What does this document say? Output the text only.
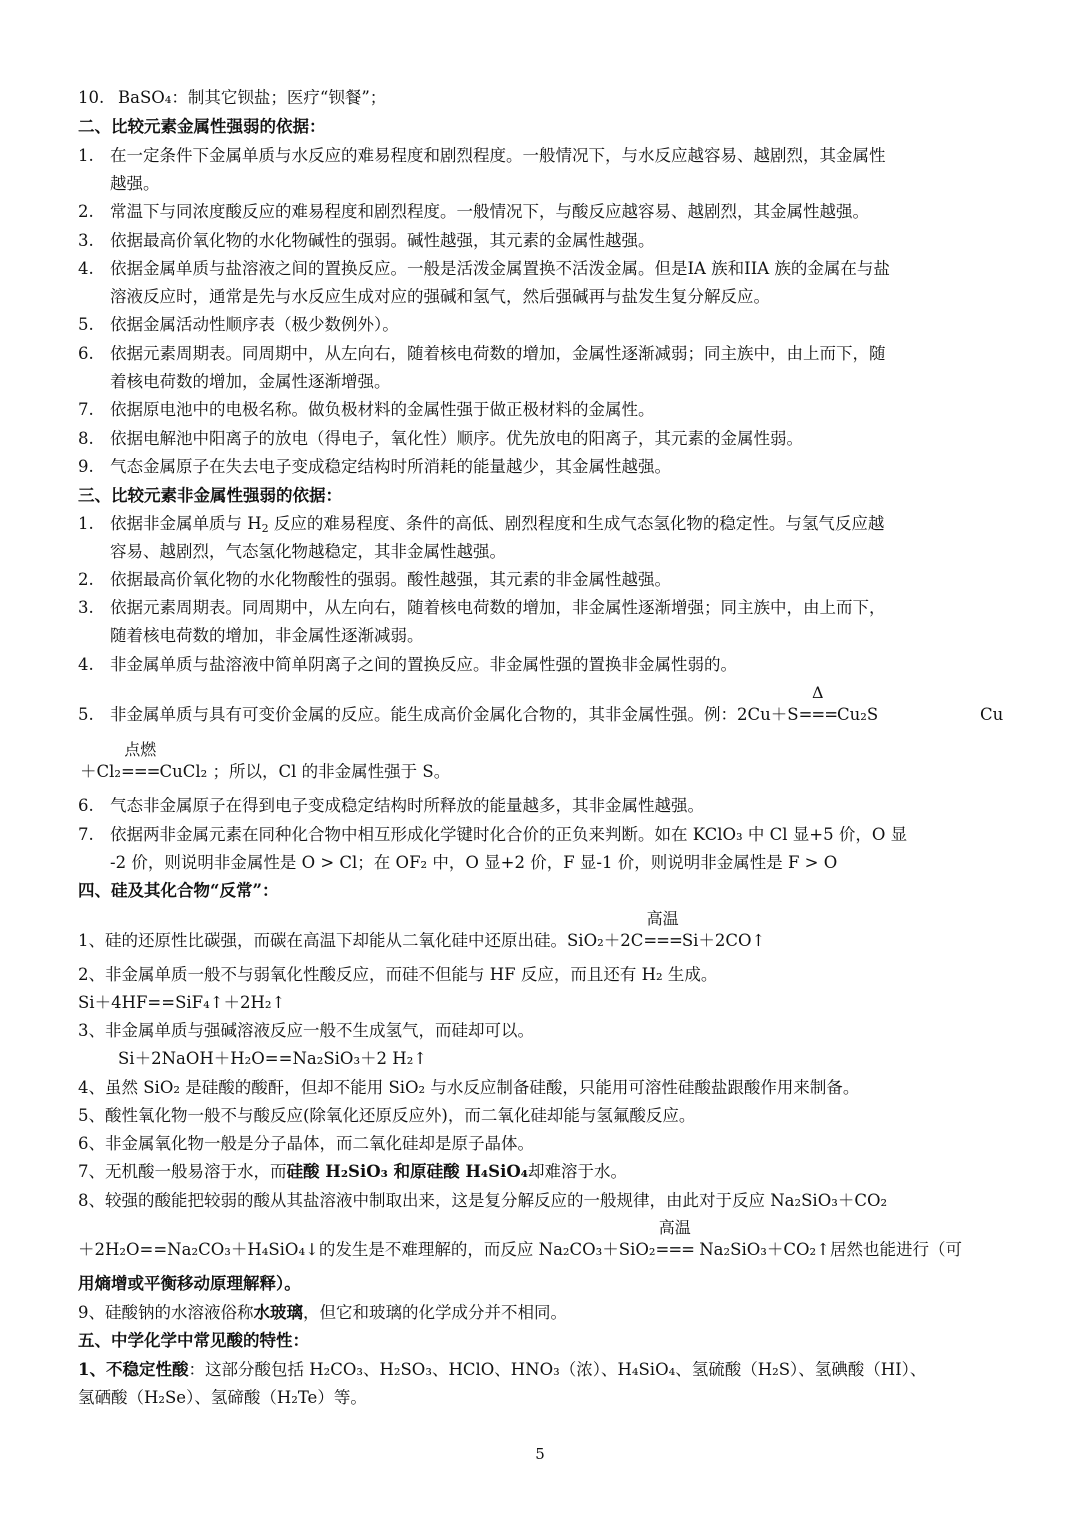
10. BaSO₄：制其它钡盐；医疗“钡餐”；
二、比较元素金属性强弱的依据：
1. 在一定条件下金属单质与水反应的难易程度和剧烈程度。一般情况下，与水反应越容易、越剧烈，其金属性
越强。
2. 常温下与同浓度酸反应的难易程度和剧烈程度。一般情况下，与酸反应越容易、越剧烈，其金属性越强。
3. 依据最高价氧化物的水化物碱性的强弱。碱性越强，其元素的金属性越强。
4. 依据金属单质与盐溶液之间的置换反应。一般是活泼金属置换不活泼金属。但是IA 族和IIA 族的金属在与盐
溶液反应时，通常是先与水反应生成对应的强碱和氢气，然后强碱再与盐发生复分解反应。
5. 依据金属活动性顺序表（极少数例外）。
6. 依据元素周期表。同周期中，从左向右，随着核电荷数的增加，金属性逐渐减弱；同主族中，由上而下，随
着核电荷数的增加，金属性逐渐增强。
7. 依据原电池中的电极名称。做负极材料的金属性强于做正极材料的金属性。
8. 依据电解池中阳离子的放电（得电子，氧化性）顺序。优先放电的阳离子，其元素的金属性弱。
9. 气态金属原子在失去电子变成稳定结构时所消耗的能量越少，其金属性越强。
三、比较元素非金属性强弱的依据：
1. 依据非金属单质与 $H_2$ 反应的难易程度、条件的高低、剧烈程度和生成气态氢化物的稳定性。与氢气反应越
容易、越剧烈，气态氢化物越稳定，其非金属性越强。
2. 依据最高价氧化物的水化物酸性的强弱。酸性越强，其元素的非金属性越强。
3. 依据元素周期表。同周期中，从左向右，随着核电荷数的增加，非金属性逐渐增强；同主族中，由上而下，
随着核电荷数的增加，非金属性逐渐减弱。
4. 非金属单质与盐溶液中简单阴离子之间的置换反应。非金属性强的置换非金属性弱的。
5. 非金属单质与具有可变价金属的反应。能生成高价金属化合物的，其非金属性强。例：2Cu＋S
Δ
===Cu₂S	Cu
＋Cl₂
点燃
===CuCl₂ ；所以，Cl 的非金属性强于 S。
6. 气态非金属原子在得到电子变成稳定结构时所释放的能量越多，其非金属性越强。
7. 依据两非金属元素在同种化合物中相互形成化学键时化合价的正负来判断。如在 KClO₃ 中 Cl 显+5 价，O 显
-2 价，则说明非金属性是 O > Cl；在 OF₂ 中，O 显+2 价，F 显-1 价，则说明非金属性是 F > O
四、硅及其化合物“反常”：
1、硅的还原性比碳强，而碳在高温下却能从二氧化硅中还原出硅。SiO₂＋2C
高温
===Si＋2CO↑
2、非金属单质一般不与弱氧化性酸反应，而硅不但能与 HF 反应，而且还有 H₂ 生成。
Si＋4HF==SiF₄↑＋2H₂↑
3、非金属单质与强碱溶液反应一般不生成氢气，而硅却可以。
Si＋2NaOH＋H₂O==Na₂SiO₃＋2 H₂↑
4、虽然 SiO₂ 是硅酸的酸酐，但却不能用 SiO₂ 与水反应制备硅酸，只能用可溶性硅酸盐跟酸作用来制备。
5、酸性氧化物一般不与酸反应(除氧化还原反应外)，而二氧化硅却能与氢氟酸反应。
6、非金属氧化物一般是分子晶体，而二氧化硅却是原子晶体。
7、无机酸一般易溶于水，而硅酸 H₂SiO₃ 和原硅酸 H₄SiO₄却难溶于水。
8、较强的酸能把较弱的酸从其盐溶液中制取出来，这是复分解反应的一般规律，由此对于反应 Na₂SiO₃＋CO₂
＋2H₂O==Na₂CO₃＋H₄SiO₄↓的发生是不难理解的，而反应 Na₂CO₃＋SiO₂
高温
=== Na₂SiO₃＋CO₂↑居然也能进行（可
用熵增或平衡移动原理解释）。
9、硅酸钠的水溶液俗称水玻璃，但它和玻璃的化学成分并不相同。
五、中学化学中常见酸的特性：
1、不稳定性酸：这部分酸包括 H₂CO₃、H₂SO₃、HClO、HNO₃（浓）、H₄SiO₄、氢硫酸（H₂S）、氢碘酸（HI）、
氢硒酸（H₂Se）、氢碲酸（H₂Te）等。
5
